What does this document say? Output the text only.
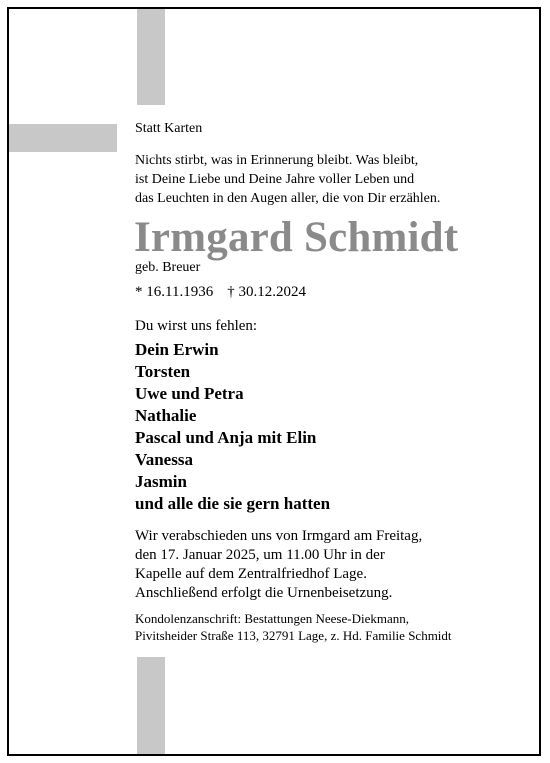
Statt Karten
Nichts stirbt, was in Erinnerung bleibt. Was bleibt,
ist Deine Liebe und Deine Jahre voller Leben und
das Leuchten in den Augen aller, die von Dir erzählen.
Irmgard Schmidt
geb. Breuer
* 16.11.1936 † 30.12.2024
Du wirst uns fehlen:
Dein Erwin
Torsten
Uwe und Petra
Nathalie
Pascal und Anja mit Elin
Vanessa
Jasmin
und alle die sie gern hatten
Wir verabschieden uns von Irmgard am Freitag,
den 17. Januar 2025, um 11.00 Uhr in der
Kapelle auf dem Zentralfriedhof Lage.
Anschließend erfolgt die Urnenbeisetzung.
Kondolenzanschrift: Bestattungen Neese-Diekmann,
Pivitsheider Straße 113, 32791 Lage, z. Hd. Familie Schmidt
